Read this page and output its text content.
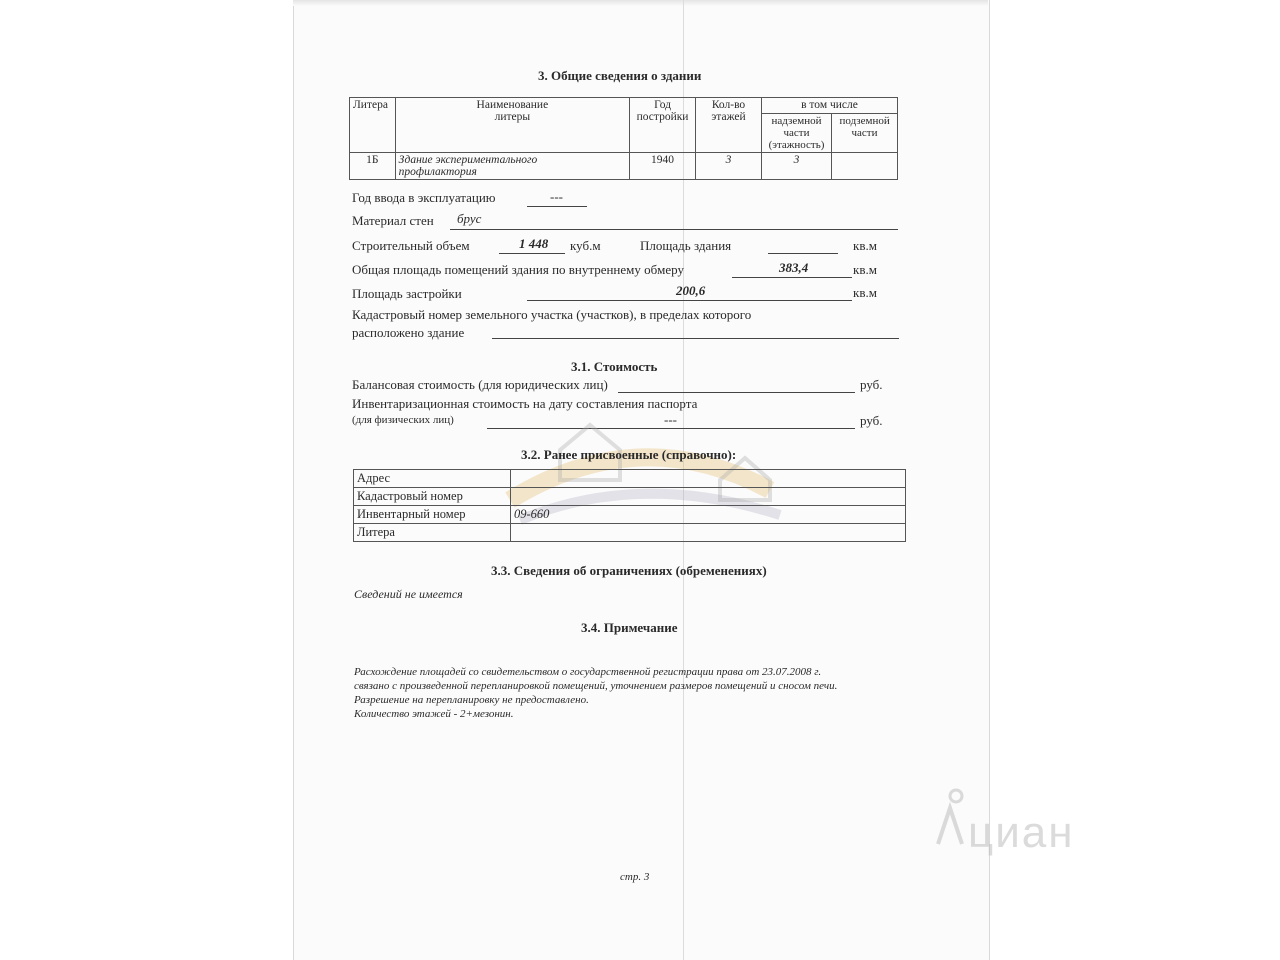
3. Общие сведения о здании
Литера	Наименование литеры	Год постройки	Кол-во этажей	в том числе	
				надземной части (этажность)	подземной части
1Б	Здание экспериментального профилактория	1940	3	3	
Год ввода в эксплуатацию	---
Материал стен брус
Строительный объем	1 448 куб.м	Площадь здания	кв.м
Общая площадь помещений здания по внутреннему обмеру	383,4	кв.м
Площадь застройки	200,6	кв.м
Кадастровый номер земельного участка (участков), в пределах которого
расположено здание
3.1. Стоимость
Балансовая стоимость (для юридических лиц)	руб.
Инвентаризационная стоимость на дату составления паспорта
(для физических лиц)	---	руб.
3.2. Ранее присвоенные (справочно):
Адрес	
Кадастровый номер	
Инвентарный номер	09-660
Литера	
3.3. Сведения об ограничениях (обременениях)
Сведений не имеется
3.4. Примечание
Расхождение площадей со свидетельством о государственной регистрации права от 23.07.2008 г.
связано с произведенной перепланировкой помещений, уточнением размеров помещений и сносом печи.
Разрешение на перепланировку не предоставлено.
Количество этажей - 2+мезонин.
стр. 3
циан
